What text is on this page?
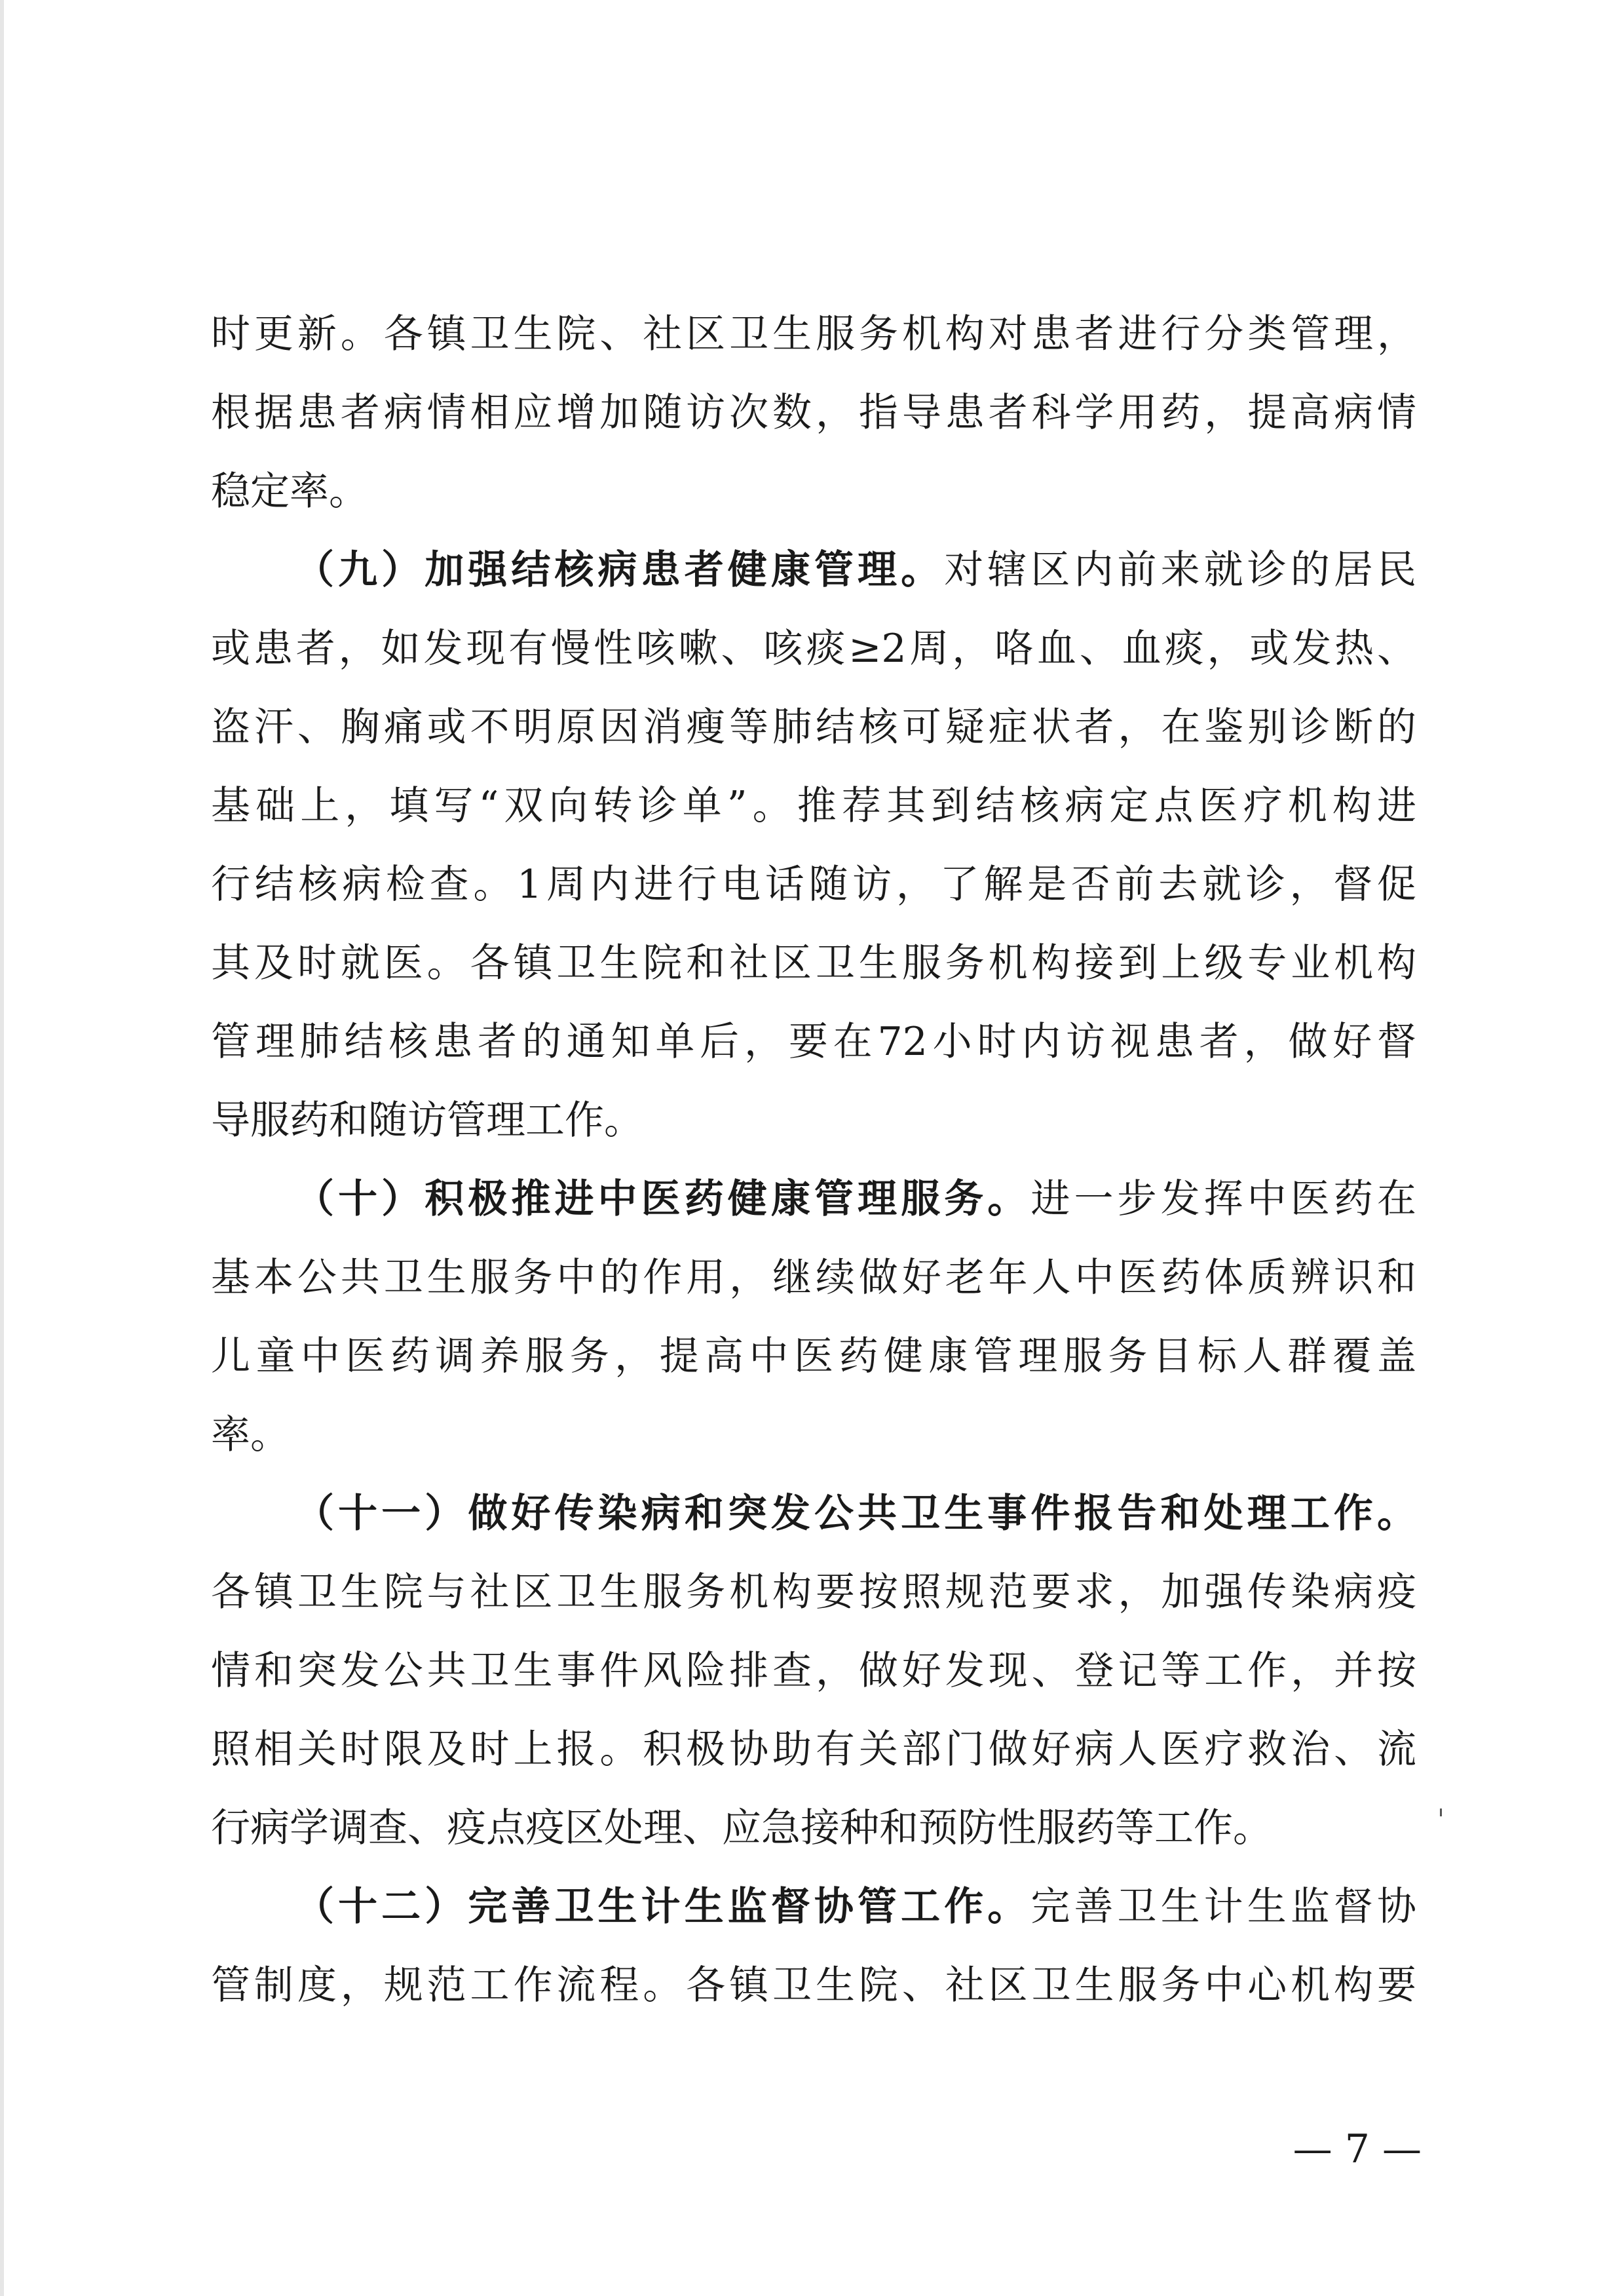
时更新。各镇卫生院、社区卫生服务机构对患者进行分类管理，
根据患者病情相应增加随访次数，指导患者科学用药，提高病情
稳定率。
（九）加强结核病患者健康管理。对辖区内前来就诊的居民
或患者，如发现有慢性咳嗽、咳痰≥2周，咯血、血痰，或发热、
盗汗、胸痛或不明原因消瘦等肺结核可疑症状者，在鉴别诊断的
基础上，填写“双向转诊单”。推荐其到结核病定点医疗机构进
行结核病检查。1周内进行电话随访，了解是否前去就诊，督促
其及时就医。各镇卫生院和社区卫生服务机构接到上级专业机构
管理肺结核患者的通知单后，要在72小时内访视患者，做好督
导服药和随访管理工作。
（十）积极推进中医药健康管理服务。进一步发挥中医药在
基本公共卫生服务中的作用，继续做好老年人中医药体质辨识和
儿童中医药调养服务，提高中医药健康管理服务目标人群覆盖
率。
（十一）做好传染病和突发公共卫生事件报告和处理工作。
各镇卫生院与社区卫生服务机构要按照规范要求，加强传染病疫
情和突发公共卫生事件风险排查，做好发现、登记等工作，并按
照相关时限及时上报。积极协助有关部门做好病人医疗救治、流
行病学调查、疫点疫区处理、应急接种和预防性服药等工作。
（十二）完善卫生计生监督协管工作。完善卫生计生监督协
管制度，规范工作流程。各镇卫生院、社区卫生服务中心机构要
— 7 —
